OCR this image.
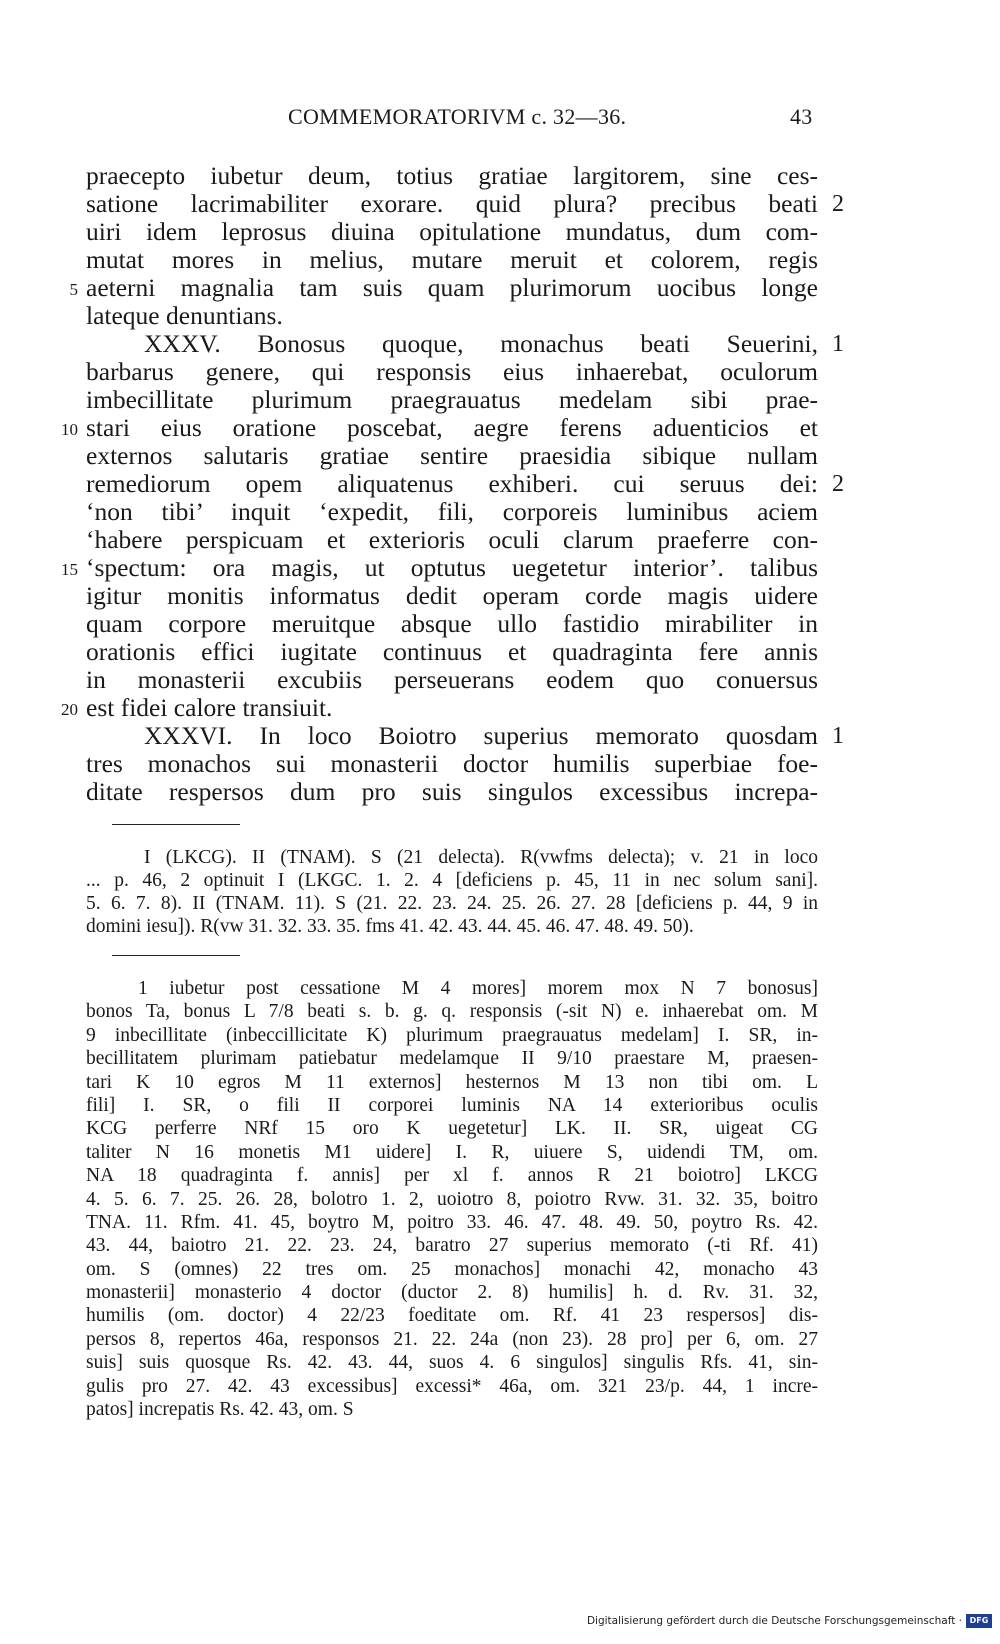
COMMEMORATORIVM c. 32—36.	43
praecepto iubetur deum, totius gratiae largitorem, sine ces-
satione lacrimabiliter exorare. quid plura? precibus beati 2
uiri idem leprosus diuina opitulatione mundatus, dum com-
mutat mores in melius, mutare meruit et colorem, regis
5 aeterni magnalia tam suis quam plurimorum uocibus longe
lateque denuntians.
XXXV. Bonosus quoque, monachus beati Seuerini, 1
barbarus genere, qui responsis eius inhaerebat, oculorum
imbecillitate plurimum praegrauatus medelam sibi prae-
10 stari eius oratione poscebat, aegre ferens aduenticios et
externos salutaris gratiae sentire praesidia sibique nullam
remediorum opem aliquatenus exhiberi. cui seruus dei: 2
‘non tibi’ inquit ‘expedit, fili, corporeis luminibus aciem
‘habere perspicuam et exterioris oculi clarum praeferre con-
15 ‘spectum: ora magis, ut optutus uegetetur interior’. talibus
igitur monitis informatus dedit operam corde magis uidere
quam corpore meruitque absque ullo fastidio mirabiliter in
orationis effici iugitate continuus et quadraginta fere annis
in monasterii excubiis perseuerans eodem quo conuersus
20 est fidei calore transiuit.
XXXVI. In loco Boiotro superius memorato quosdam 1
tres monachos sui monasterii doctor humilis superbiae foe-
ditate respersos dum pro suis singulos excessibus increpa-
I (LKCG). II (TNAM). S (21 delecta). R(vwfms delecta); v. 21 in loco
... p. 46, 2 optinuit I (LKGC. 1. 2. 4 [deficiens p. 45, 11 in nec solum sani].
5. 6. 7. 8). II (TNAM. 11). S (21. 22. 23. 24. 25. 26. 27. 28 [deficiens p. 44, 9 in
domini iesu]). R(vw 31. 32. 33. 35. fms 41. 42. 43. 44. 45. 46. 47. 48. 49. 50).
1 iubetur post cessatione M 4 mores] morem mox N 7 bonosus]
bonos Ta, bonus L 7/8 beati s. b. g. q. responsis (-sit N) e. inhaerebat om. M
9 inbecillitate (inbeccillicitate K) plurimum praegrauatus medelam] I. SR, in-
becillitatem plurimam patiebatur medelamque II 9/10 praestare M, praesen-
tari K 10 egros M 11 externos] hesternos M 13 non tibi om. L
fili] I. SR, o fili II corporei luminis NA 14 exterioribus oculis
KCG perferre NRf 15 oro K uegetetur] LK. II. SR, uigeat CG
taliter N 16 monetis M1 uidere] I. R, uiuere S, uidendi TM, om.
NA 18 quadraginta f. annis] per xl f. annos R 21 boiotro] LKCG
4. 5. 6. 7. 25. 26. 28, bolotro 1. 2, uoiotro 8, poiotro Rvw. 31. 32. 35, boitro
TNA. 11. Rfm. 41. 45, boytro M, poitro 33. 46. 47. 48. 49. 50, poytro Rs. 42.
43. 44, baiotro 21. 22. 23. 24, baratro 27 superius memorato (-ti Rf. 41)
om. S (omnes) 22 tres om. 25 monachos] monachi 42, monacho 43
monasterii] monasterio 4 doctor (ductor 2. 8) humilis] h. d. Rv. 31. 32,
humilis (om. doctor) 4 22/23 foeditate om. Rf. 41 23 respersos] dis-
persos 8, repertos 46a, responsos 21. 22. 24a (non 23). 28 pro] per 6, om. 27
suis] suis quosque Rs. 42. 43. 44, suos 4. 6 singulos] singulis Rfs. 41, sin-
gulis pro 27. 42. 43 excessibus] excessi* 46a, om. 321 23/p. 44, 1 incre-
patos] increpatis Rs. 42. 43, om. S
Digitalisierung gefördert durch die Deutsche Forschungsgemeinschaft · DFG
